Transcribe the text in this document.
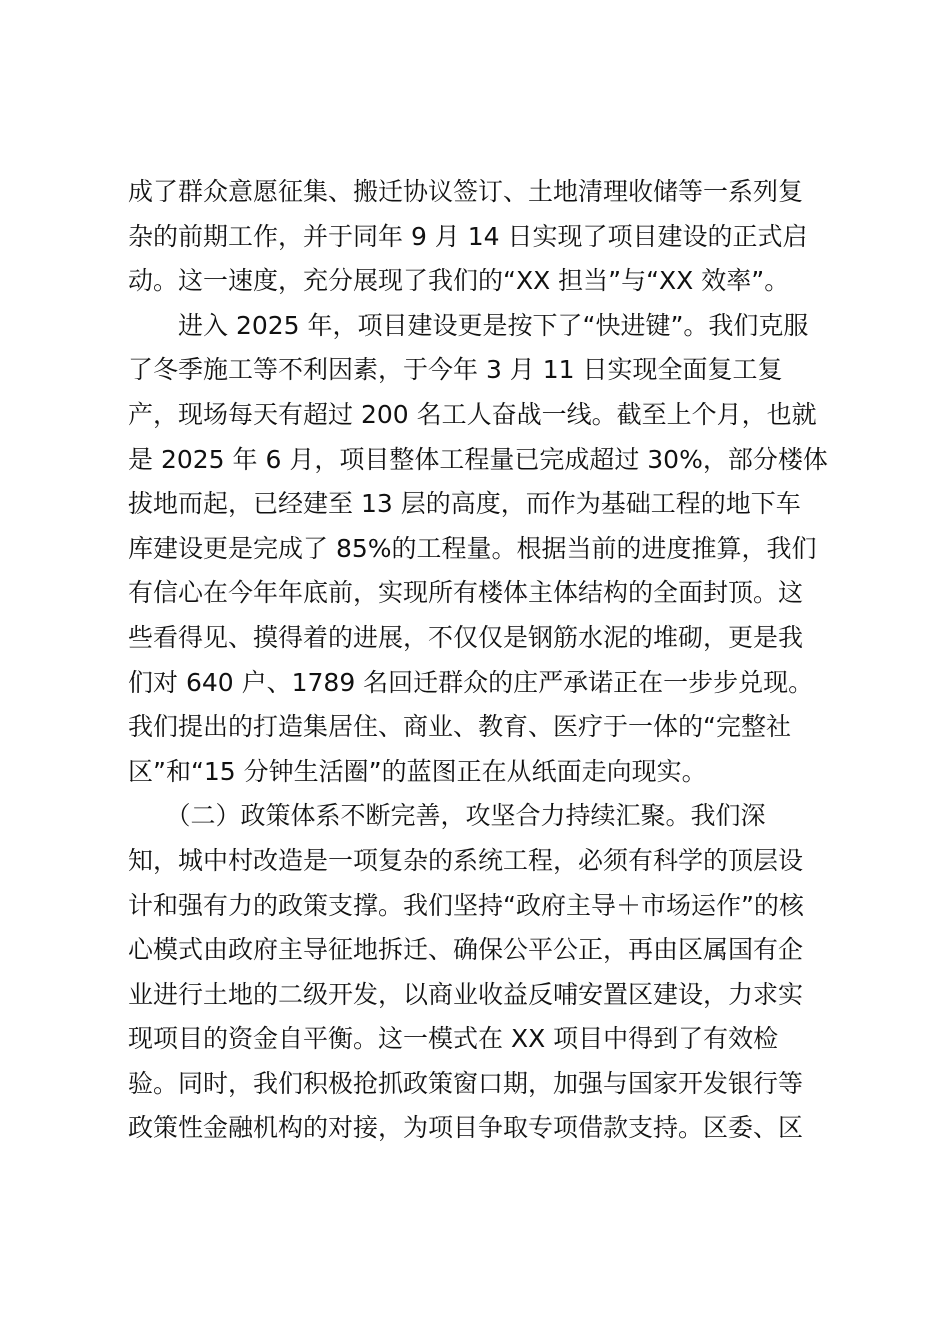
成了群众意愿征集、搬迁协议签订、土地清理收储等一系列复
杂的前期工作，并于同年 9 月 14 日实现了项目建设的正式启
动。这一速度，充分展现了我们的“XX 担当”与“XX 效率”。
　　进入 2025 年，项目建设更是按下了“快进键”。我们克服
了冬季施工等不利因素，于今年 3 月 11 日实现全面复工复
产，现场每天有超过 200 名工人奋战一线。截至上个月，也就
是 2025 年 6 月，项目整体工程量已完成超过 30%，部分楼体
拔地而起，已经建至 13 层的高度，而作为基础工程的地下车
库建设更是完成了 85%的工程量。根据当前的进度推算，我们
有信心在今年年底前，实现所有楼体主体结构的全面封顶。这
些看得见、摸得着的进展，不仅仅是钢筋水泥的堆砌，更是我
们对 640 户、1789 名回迁群众的庄严承诺正在一步步兑现。
我们提出的打造集居住、商业、教育、医疗于一体的“完整社
区”和“15 分钟生活圈”的蓝图正在从纸面走向现实。
　　（二）政策体系不断完善，攻坚合力持续汇聚。我们深
知，城中村改造是一项复杂的系统工程，必须有科学的顶层设
计和强有力的政策支撑。我们坚持“政府主导＋市场运作”的核
心模式由政府主导征地拆迁、确保公平公正，再由区属国有企
业进行土地的二级开发，以商业收益反哺安置区建设，力求实
现项目的资金自平衡。这一模式在 XX 项目中得到了有效检
验。同时，我们积极抢抓政策窗口期，加强与国家开发银行等
政策性金融机构的对接，为项目争取专项借款支持。区委、区
